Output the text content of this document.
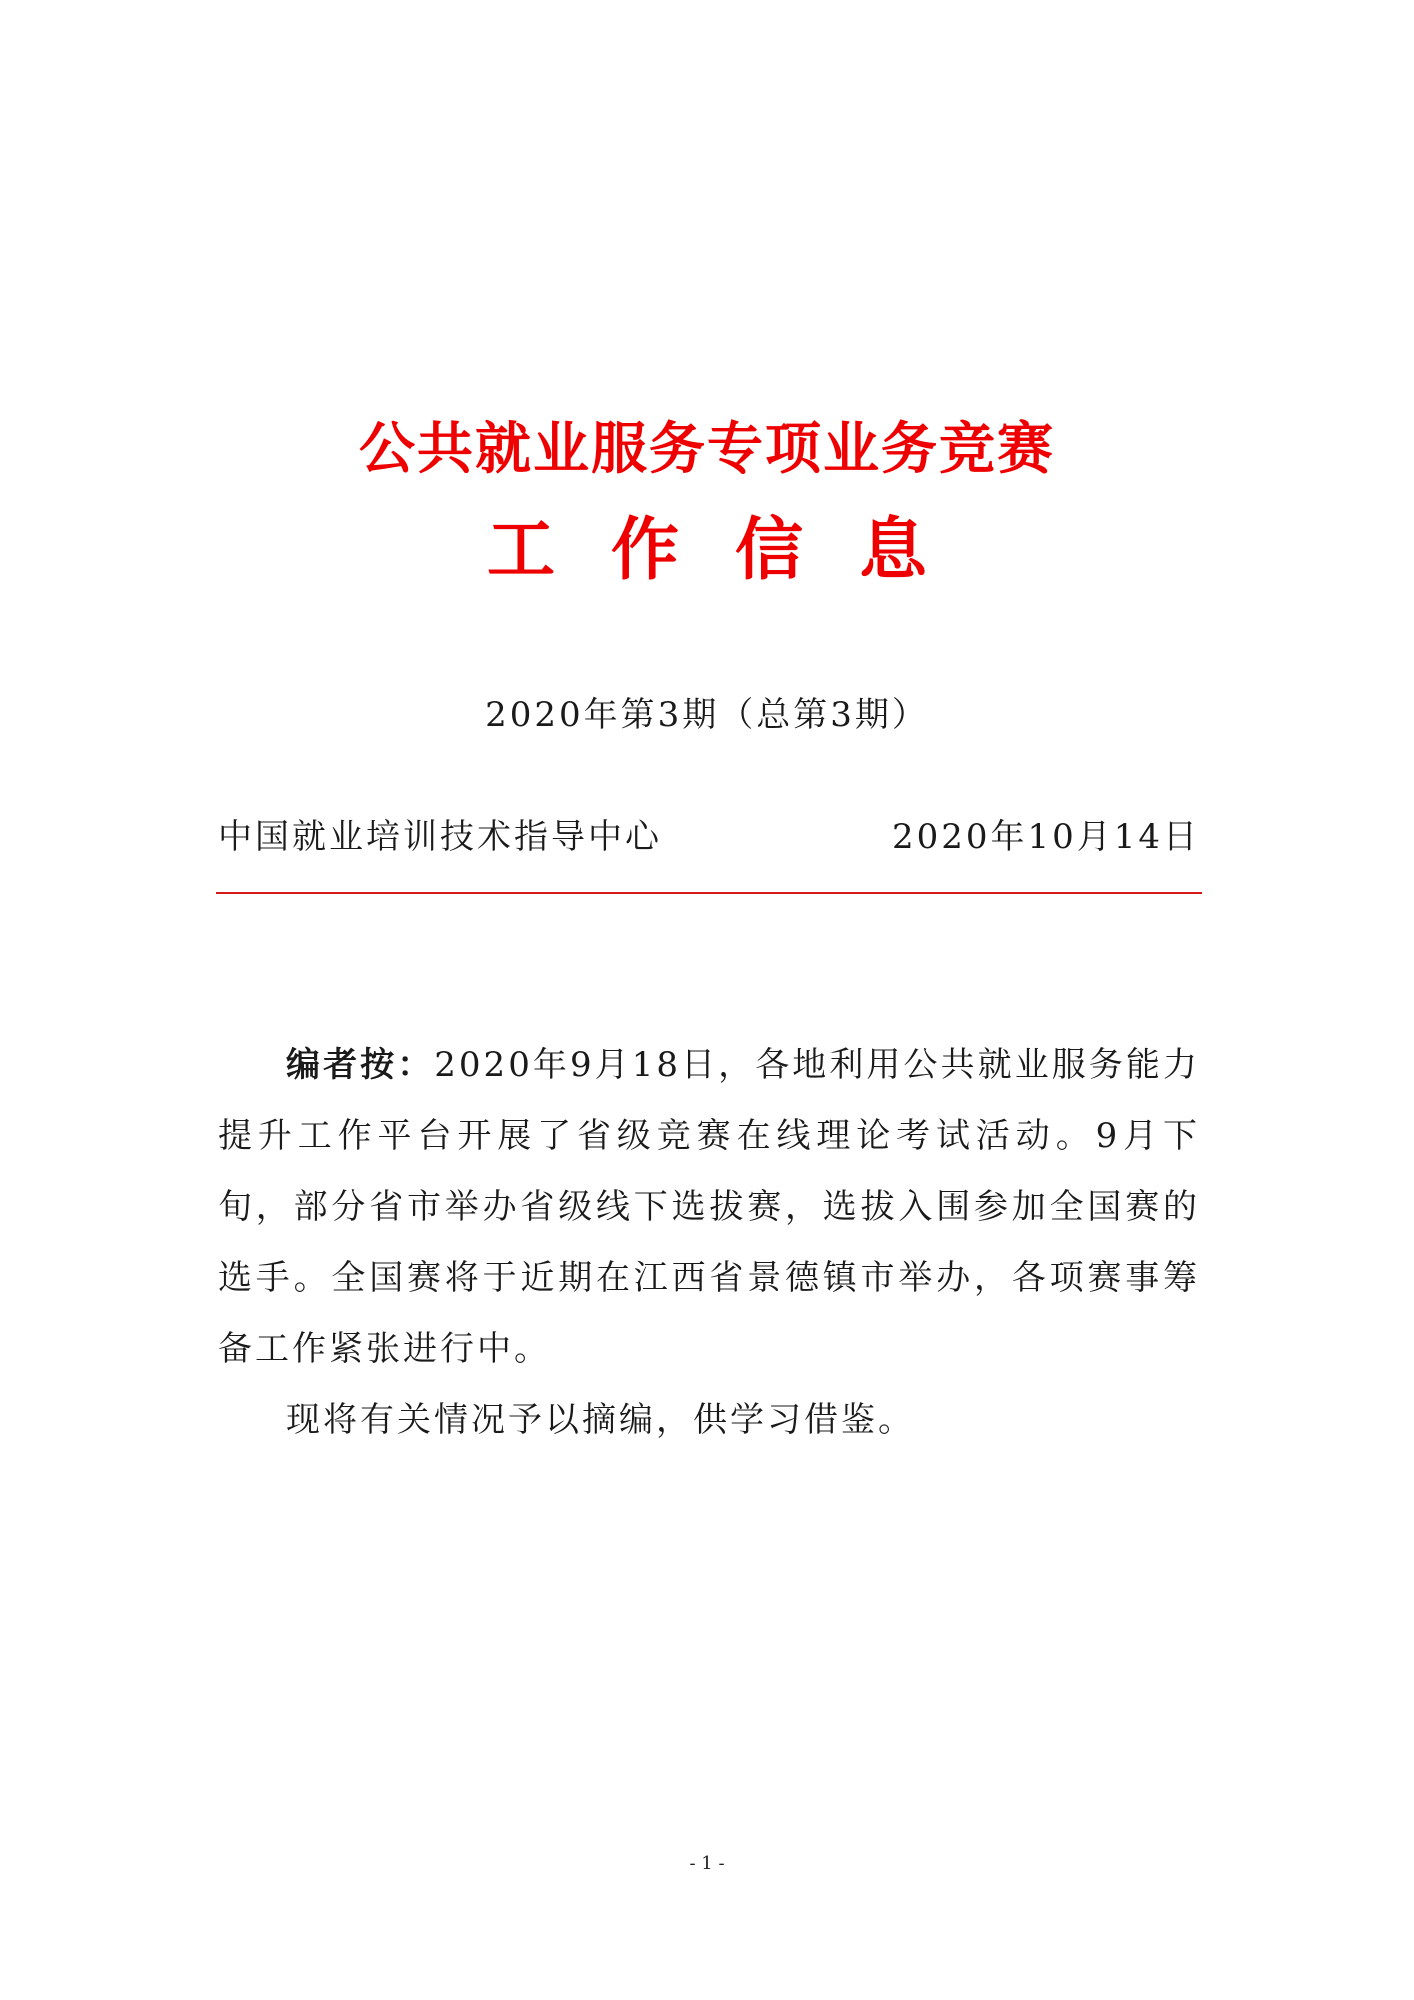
公共就业服务专项业务竞赛
工作信息
2020年第3期（总第3期）
中国就业培训技术指导中心	2020年10月14日

编者按：2020年9月18日，各地利用公共就业服务能力提升工作平台开展了省级竞赛在线理论考试活动。9月下旬，部分省市举办省级线下选拔赛，选拔入围参加全国赛的选手。全国赛将于近期在江西省景德镇市举办，各项赛事筹备工作紧张进行中。

现将有关情况予以摘编，供学习借鉴。

- 1 -
